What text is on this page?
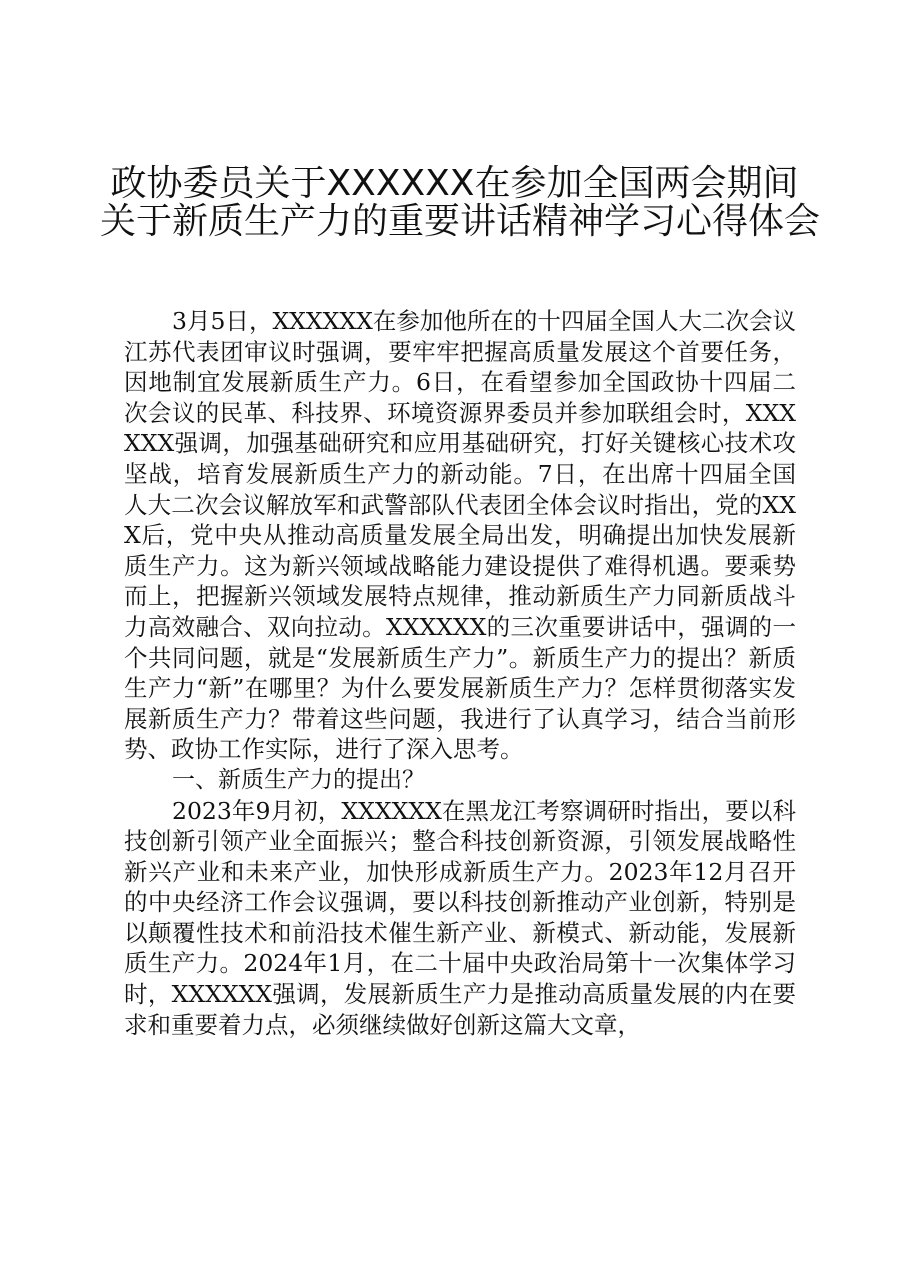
政协委员关于XXXXXX在参加全国两会期间
关于新质生产力的重要讲话精神学习心得体会

3月5日，XXXXXX在参加他所在的十四届全国人大二次会议江苏代表团审议时强调，要牢牢把握高质量发展这个首要任务，因地制宜发展新质生产力。6日，在看望参加全国政协十四届二次会议的民革、科技界、环境资源界委员并参加联组会时，XXXXXX强调，加强基础研究和应用基础研究，打好关键核心技术攻坚战，培育发展新质生产力的新动能。7日，在出席十四届全国人大二次会议解放军和武警部队代表团全体会议时指出，党的XXX后，党中央从推动高质量发展全局出发，明确提出加快发展新质生产力。这为新兴领域战略能力建设提供了难得机遇。要乘势而上，把握新兴领域发展特点规律，推动新质生产力同新质战斗力高效融合、双向拉动。XXXXXX的三次重要讲话中，强调的一个共同问题，就是“发展新质生产力”。新质生产力的提出？新质生产力“新”在哪里？为什么要发展新质生产力？怎样贯彻落实发展新质生产力？带着这些问题，我进行了认真学习，结合当前形势、政协工作实际，进行了深入思考。

一、新质生产力的提出？

2023年9月初，XXXXXX在黑龙江考察调研时指出，要以科技创新引领产业全面振兴；整合科技创新资源，引领发展战略性新兴产业和未来产业，加快形成新质生产力。2023年12月召开的中央经济工作会议强调，要以科技创新推动产业创新，特别是以颠覆性技术和前沿技术催生新产业、新模式、新动能，发展新质生产力。2024年1月，在二十届中央政治局第十一次集体学习时，XXXXXX强调，发展新质生产力是推动高质量发展的内在要求和重要着力点，必须继续做好创新这篇大文章，
